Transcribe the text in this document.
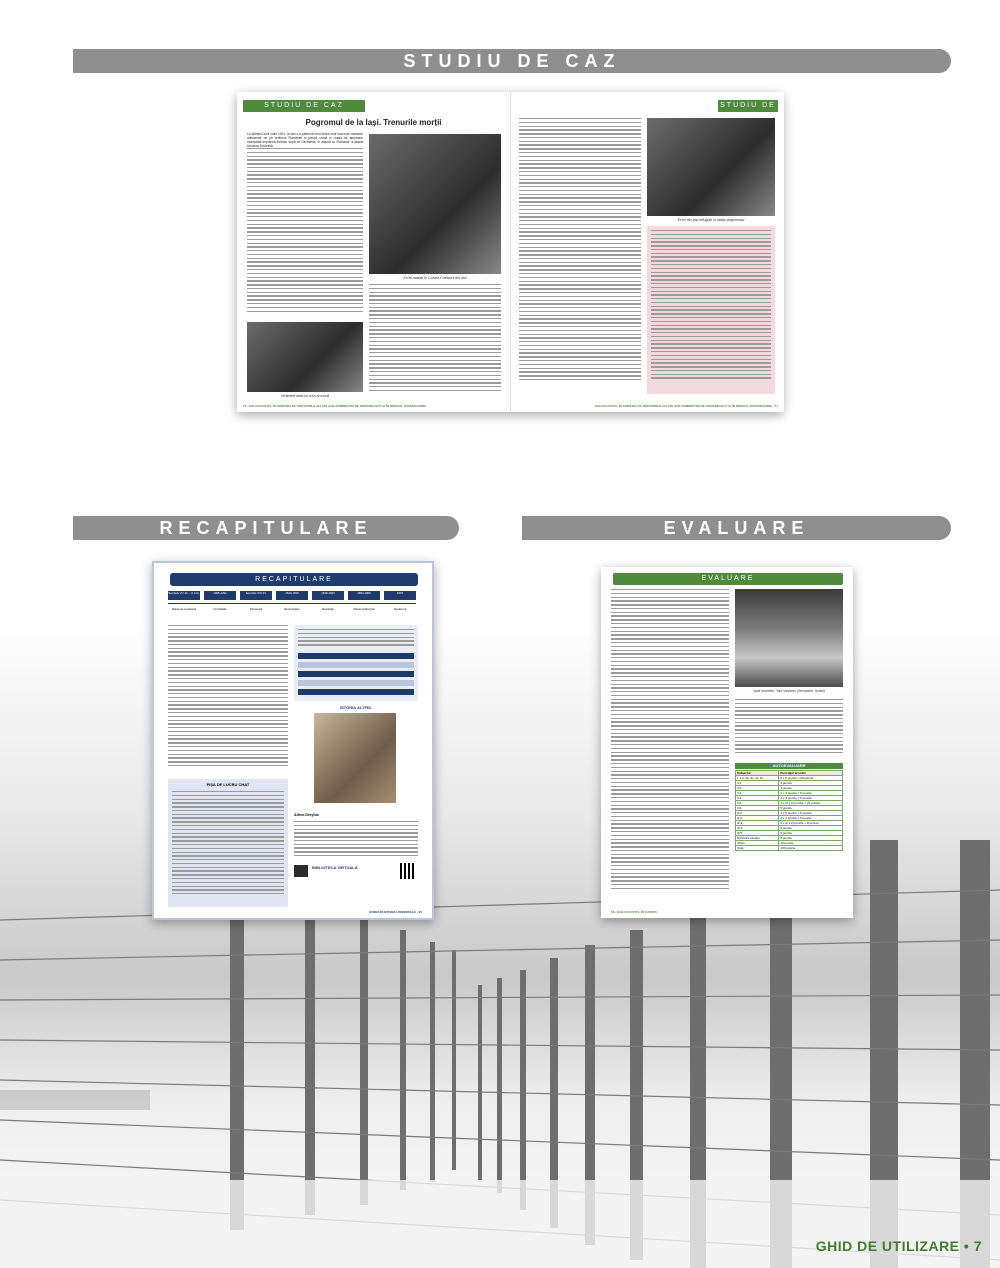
STUDIU DE CAZ
RECAPITULARE	EVALUARE
STUDIU DE CAZ
Pogromul de la Iași. Trenurile morții
La sfârșitul lunii iunie 1941, la Iași s-a petrecut unul dintre cele mai mari masacre antisemite de pe teritoriul României și primul crimă în masă de amploare îndreptată împotriva evreilor după ce Germania, în alianță cu România, a atacat Uniunea Sovietică.
Evrei masați în Curtea Chesturii din Iași
Victimele dintr-un tren al morții
70 • HOLOCAUSTUL ÎN ROMÂNIA PE TERITORIILE AFLATE SUB ADMINISTRAȚIE ROMÂNEASCĂ ȘI ÎN NORDUL TRANSILVANIEI
STUDIU DE
Evrei din Iași refugiați în stația pogromului
HOLOCAUSTUL ÎN ROMÂNIA PE TERITORIILE AFLATE SUB ADMINISTRAȚIE ROMÂNEASCĂ ȘI ÎN NORDUL TRANSILVANIEI • 71
RECAPITULARE
Secolele VI î.Hr. – II d.Hr.	1095-1291	Secolele XIV-XV	1543-1815	1848-1849	1894-1906	1897
Diaspora evreiască	Cruciadele	Persecuții	Emancipare	Revoluție	Afacerea Dreyfus	Sionismul
FIȘA DE LUCRU CHAT
ISTORIA ALTFEL
Alfred Dreyfus
BIBLIOTECA VIRTUALĂ
EVREII ÎN ISTORIA UNIVERSALĂ • 25
EVALUARE
Sala numelor, Yad Vashem (Ierusalim, Israel)
AUTOEVALUARE
Subiectul	Punctajul acordat
I. 1.a, 2b, 3c, 4c, 5c	5 x 6 puncte = 30 puncte
II.1.	3 puncte
II.2.	3 puncte
II.3.	2 x 3 puncte = 6 puncte
II.4.	2 x 3 puncte = 6 puncte
II.5.	4 x (2 x 3) puncte = 24 puncte
II.6.	5 puncte
III.1.	2 x 3 puncte = 6 puncte
III.2.	2 x 3 puncte = 6 puncte
III.3.	2 x (2 x 2) puncte = 8 puncte
III.4.	5 puncte
III.5.	5 puncte
Structura eseului	8 puncte
Oficiu	10 puncte
Total	100 puncte
58 • HOLOCAUSTUL ÎN EUROPA
GHID DE UTILIZARE • 7
